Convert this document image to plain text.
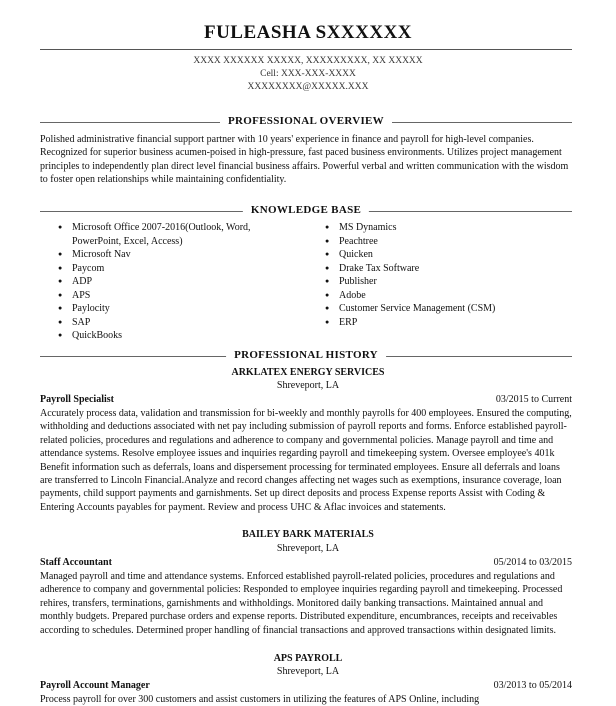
FULEASHA SXXXXXX
XXXX XXXXXX XXXXX, XXXXXXXXX, XX XXXXX
Cell: XXX-XXX-XXXX
XXXXXXXX@XXXXX.XXX
PROFESSIONAL OVERVIEW
Polished administrative financial support partner with 10 years' experience in finance and payroll for high-level companies. Recognized for superior business acumen-poised in high-pressure, fast paced business environments. Utilizes project management principles to independently plan direct level financial business affairs. Powerful verbal and written communication with the wisdom to foster open relationships while maintaining confidentiality.
KNOWLEDGE BASE
● Microsoft Office 2007-2016(Outlook, Word, PowerPoint, Excel, Access)
● Microsoft Nav
● Paycom
● ADP
● APS
● Paylocity
● SAP
● QuickBooks
● MS Dynamics
● Peachtree
● Quicken
● Drake Tax Software
● Publisher
● Adobe
● Customer Service Management (CSM)
● ERP
PROFESSIONAL HISTORY
ARKLATEX ENERGY SERVICES
Shreveport, LA
Payroll Specialist	03/2015 to Current
Accurately process data, validation and transmission for bi-weekly and monthly payrolls for 400 employees. Ensured the computing, withholding and deductions associated with net pay including submission of payroll reports and forms. Enforce established payroll-related policies, procedures and regulations and adherence to company and governmental policies. Manage payroll and time and attendance systems. Resolve employee issues and inquiries regarding payroll and timekeeping system. Oversee employee's 401k Benefit information such as deferrals, loans and dispersement processing for terminated employees. Ensure all deferrals and loans are transferred to Lincoln Financial.Analyze and record changes affecting net wages such as exemptions, insurance coverage, loan payments, child support payments and garnishments. Set up direct deposits and process Expense reports Assist with Coding & Entering Accounts payables for payment. Review and process UHC & Aflac invoices and statements.
BAILEY BARK MATERIALS
Shreveport, LA
Staff Accountant	05/2014 to 03/2015
Managed payroll and time and attendance systems. Enforced established payroll-related policies, procedures and regulations and adherence to company and governmental policies: Responded to employee inquiries regarding payroll and timekeeping. Processed rehires, transfers, terminations, garnishments and withholdings. Monitored daily banking transactions. Maintained annual and monthly budgets. Prepared purchase orders and expense reports. Distributed expenditure, encumbrances, receipts and receivables according to schedules. Determined proper handling of financial transactions and approved transactions within designated limits.
APS PAYROLL
Shreveport, LA
Payroll Account Manager	03/2013 to 05/2014
Process payroll for over 300 customers and assist customers in utilizing the features of APS Online, including
